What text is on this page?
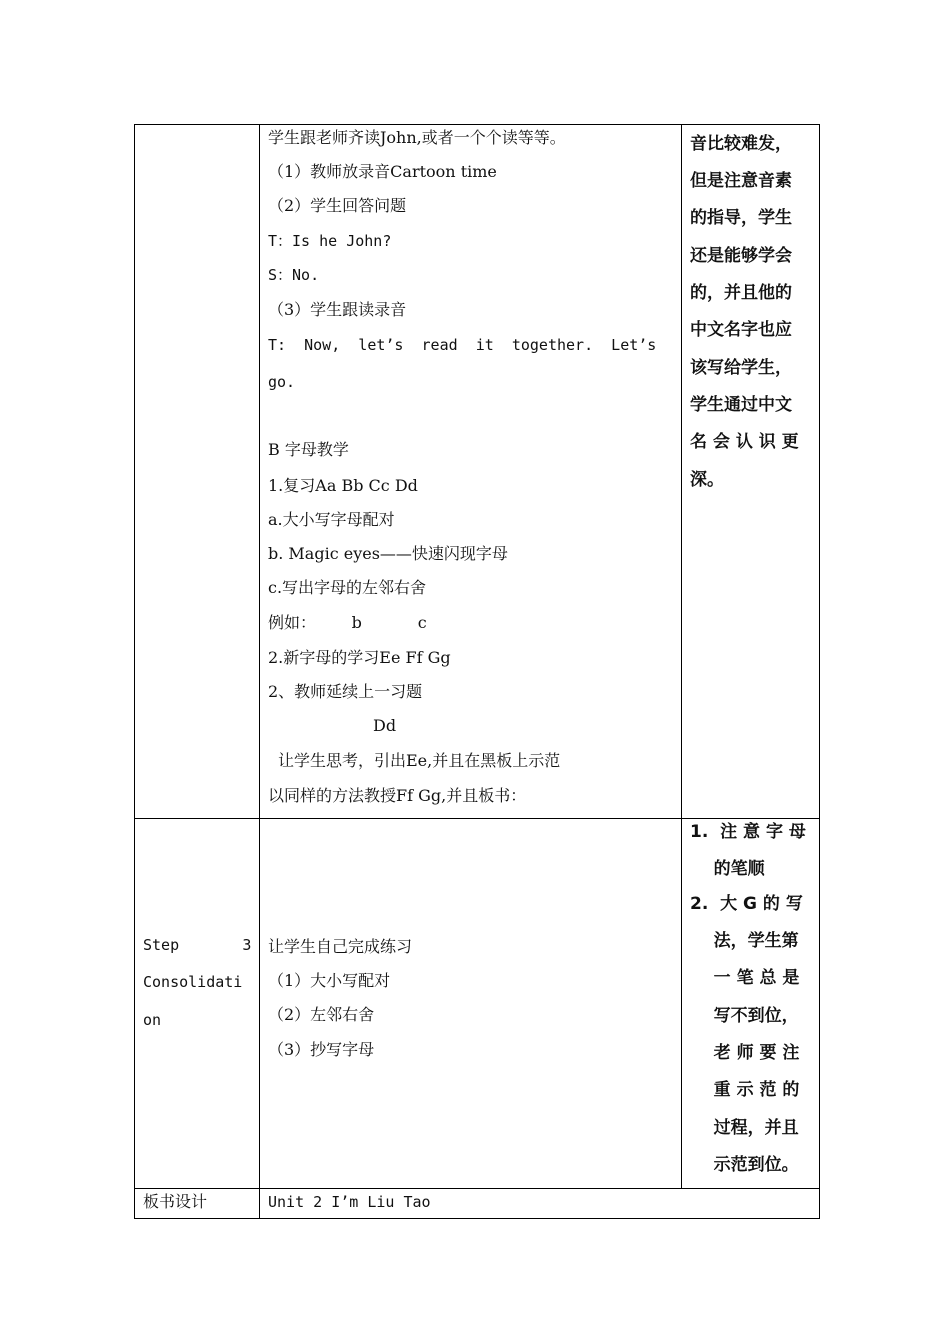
学生跟老师齐读John,或者一个个读等等。
（1）教师放录音Cartoon time
（2）学生回答问题
T：Is he John?
S：No.
（3）学生跟读录音
T:  Now,  let’s  read  it  together.  Let’s
go.
B 字母教学
1.复习Aa Bb Cc Dd
a.大小写字母配对
b. Magic eyes——快速闪现字母
c.写出字母的左邻右舍
例如：       b           c
2.新字母的学习Ee Ff Gg
2、教师延续上一习题
Dd
让学生思考，引出Ee,并且在黑板上示范
以同样的方法教授Ff Gg,并且板书：
音比较难发，
但是注意音素
的指导，学生
还是能够学会
的，并且他的
中文名字也应
该写给学生，
学生通过中文
名 会 认 识 更
深。
Step       3
Consolidati
on
让学生自己完成练习
（1）大小写配对
（2）左邻右舍
（3）抄写字母
1.  注 意 字 母
的笔顺
2.  大 G 的 写
法，学生第
一 笔 总 是
写不到位，
老 师 要 注
重 示 范 的
过程，并且
示范到位。
板书设计	Unit 2 I’m Liu Tao
